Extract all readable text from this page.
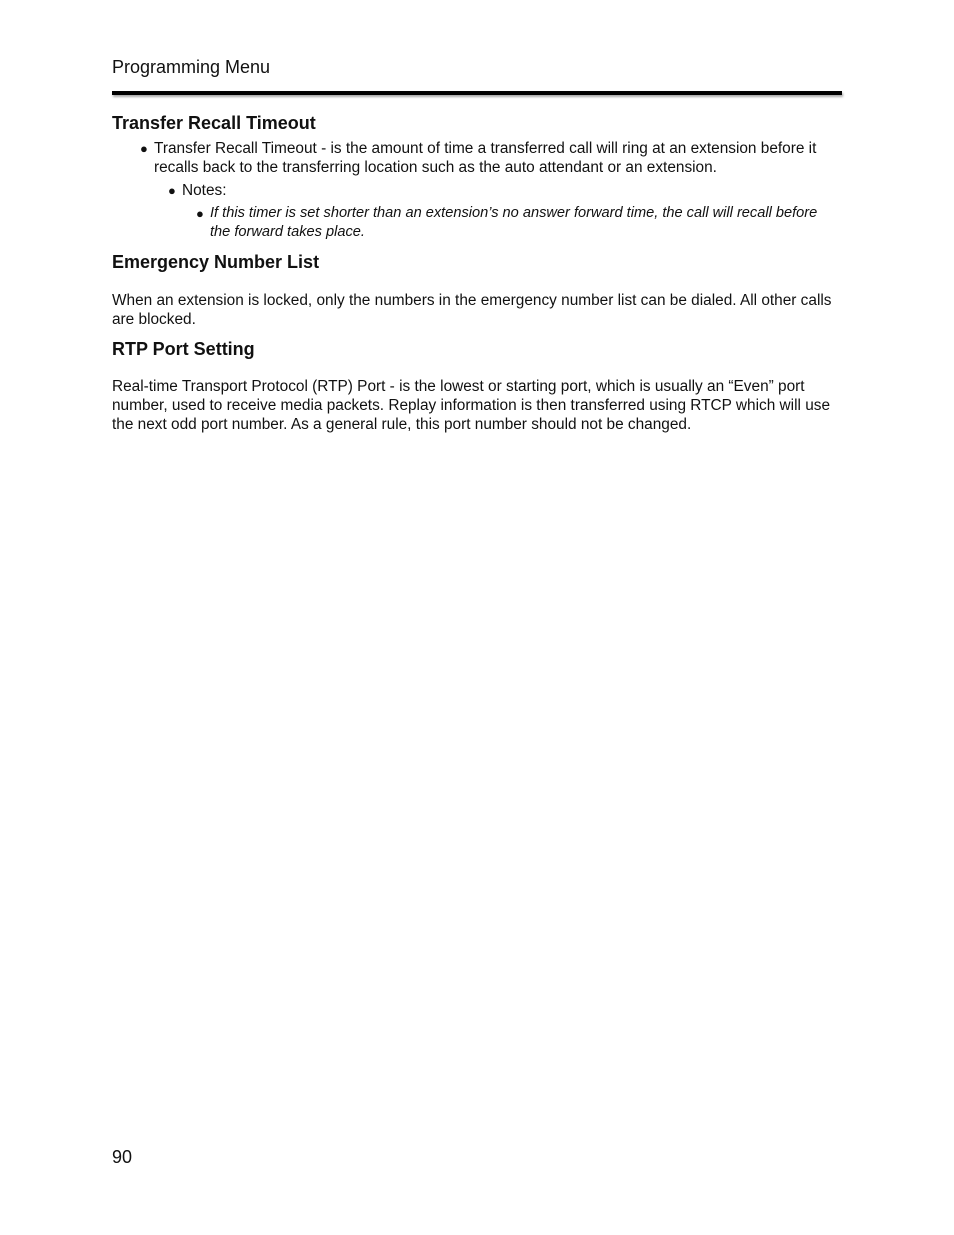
Programming Menu
Transfer Recall Timeout
● Transfer Recall Timeout - is the amount of time a transferred call will ring at an extension before it recalls back to the transferring location such as the auto attendant or an extension.
● Notes:
● If this timer is set shorter than an extension’s no answer forward time, the call will recall before the forward takes place.
Emergency Number List

When an extension is locked, only the numbers in the emergency number list can be dialed. All other calls are blocked.

RTP Port Setting

Real-time Transport Protocol (RTP) Port - is the lowest or starting port, which is usually an “Even” port number, used to receive media packets. Replay information is then transferred using RTCP which will use the next odd port number. As a general rule, this port number should not be changed.

90
